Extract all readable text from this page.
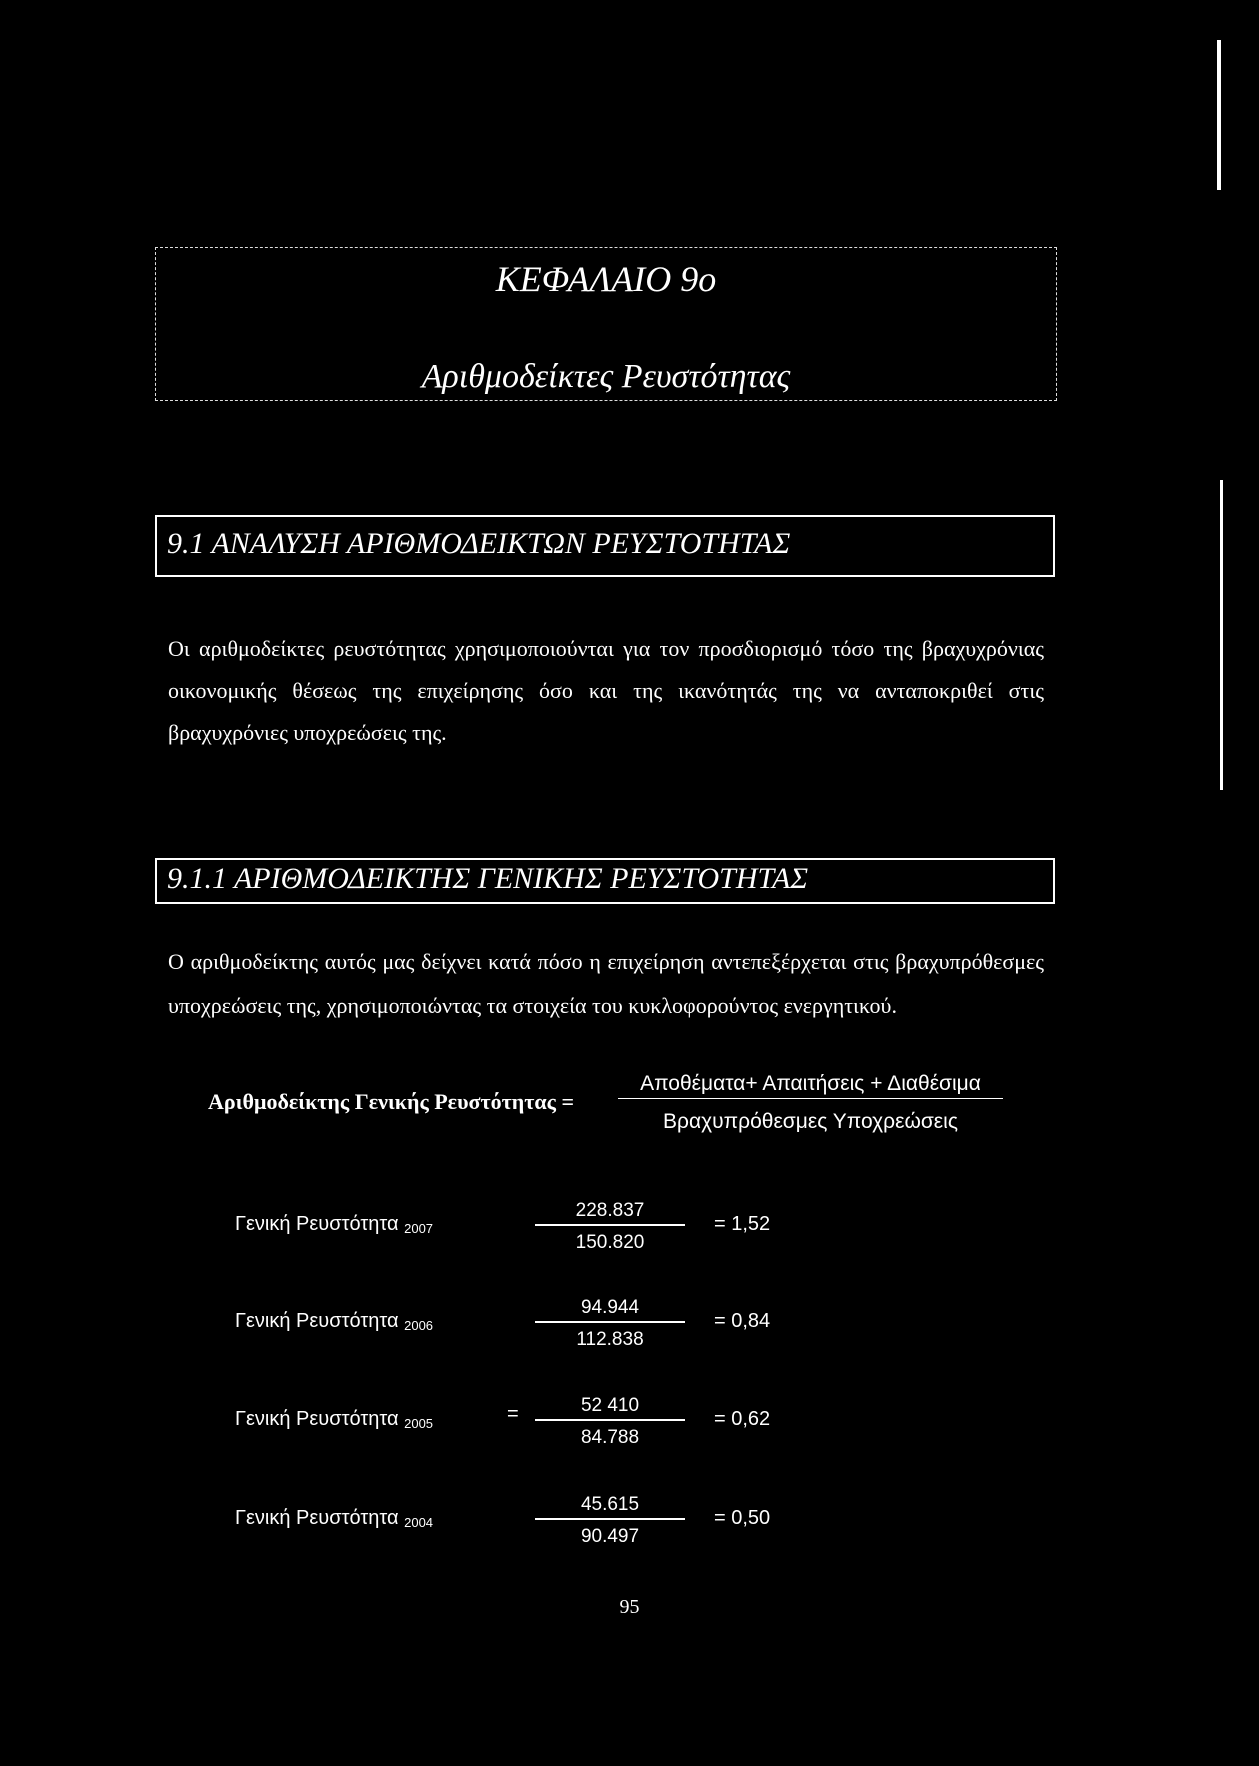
ΚΕΦΑΛΑΙΟ 9ο
Αριθμοδείκτες Ρευστότητας
9.1 ΑΝΑΛΥΣΗ ΑΡΙΘΜΟΔΕΙΚΤΩΝ ΡΕΥΣΤΟΤΗΤΑΣ
Οι αριθμοδείκτες ρευστότητας χρησιμοποιούνται για τον προσδιορισμό τόσο της βραχυχρόνιας οικονομικής θέσεως της επιχείρησης όσο και της ικανότητάς της να ανταποκριθεί στις βραχυχρόνιες υποχρεώσεις της.
9.1.1 ΑΡΙΘΜΟΔΕΙΚΤΗΣ ΓΕΝΙΚΗΣ ΡΕΥΣΤΟΤΗΤΑΣ
Ο αριθμοδείκτης αυτός μας δείχνει κατά πόσο η επιχείρηση αντεπεξέρχεται στις βραχυπρόθεσμες υποχρεώσεις της, χρησιμοποιώντας τα στοιχεία του κυκλοφορούντος ενεργητικού.
Αριθμοδείκτης Γενικής Ρευστότητας =
Αποθέματα+ Απαιτήσεις + Διαθέσιμα
Βραχυπρόθεσμες Υποχρεώσεις
Γενική Ρευστότητα $_{2007}$
228.837
150.820
= 1,52
Γενική Ρευστότητα $_{2006}$
94.944
112.838
= 0,84
Γενική Ρευστότητα $_{2005}$	=	52 410
84.788
= 0,62
Γενική Ρευστότητα $_{2004}$
45.615
90.497
= 0,50
95
